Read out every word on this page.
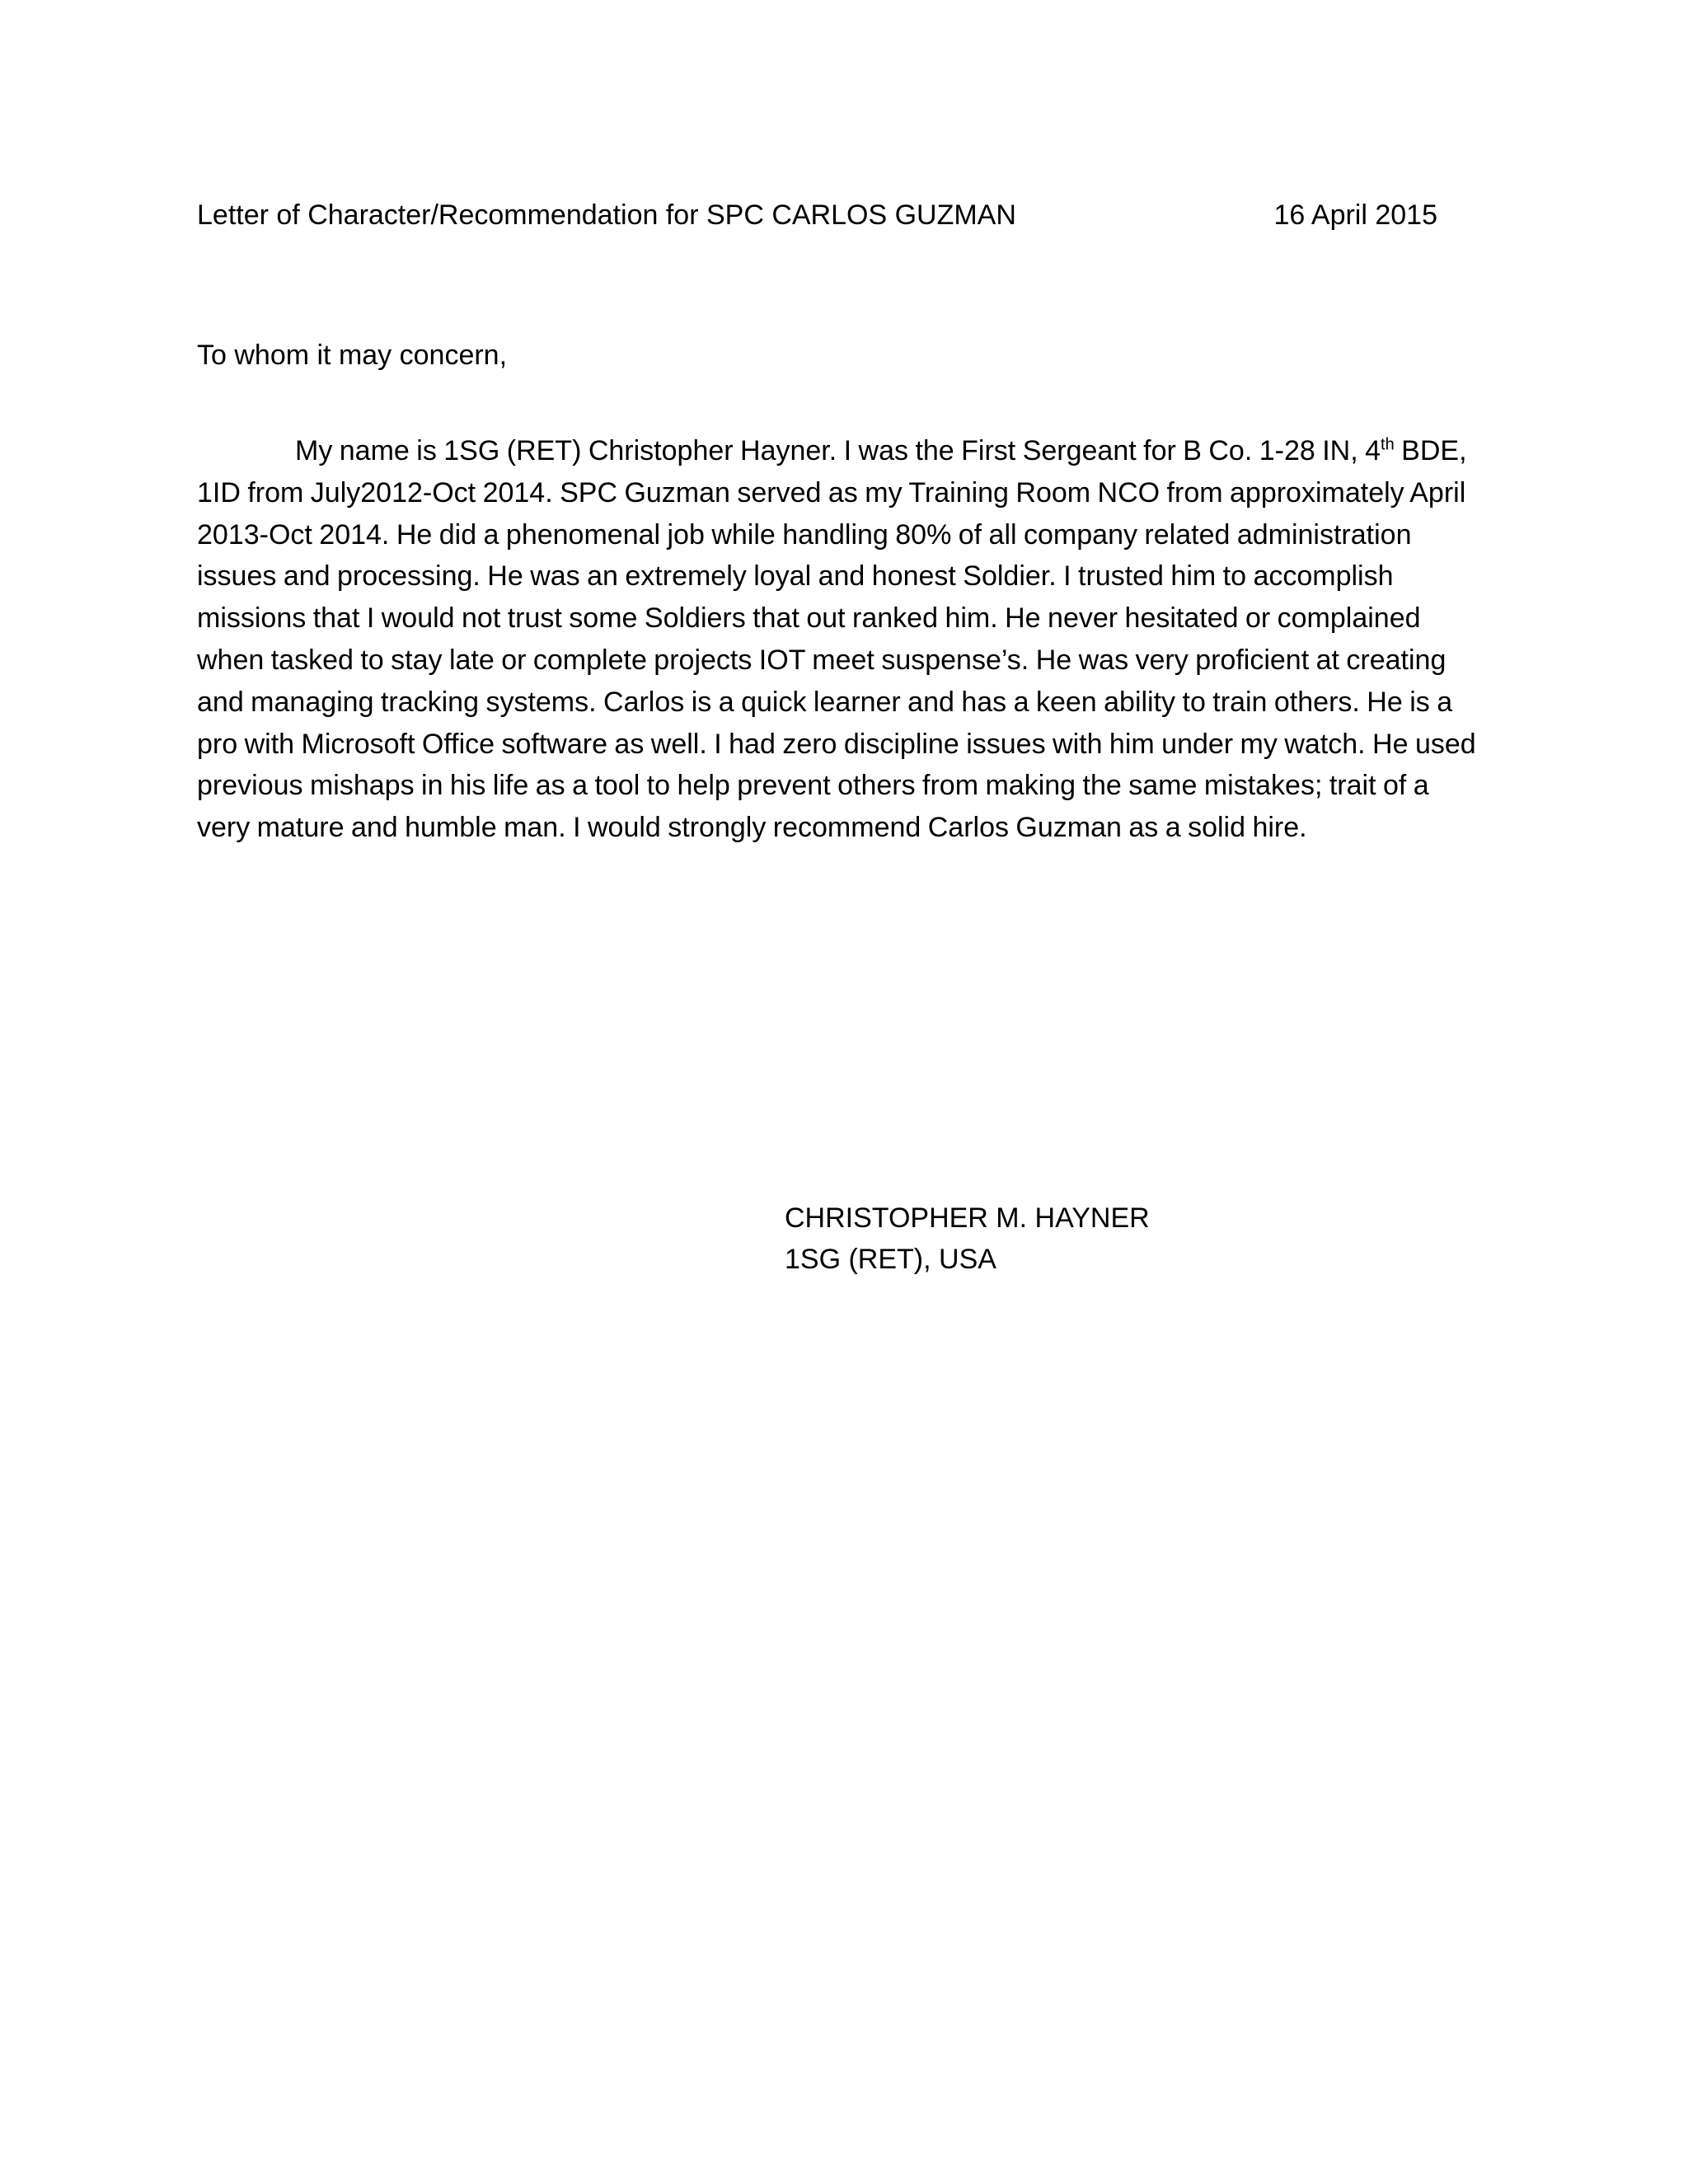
Letter of Character/Recommendation for SPC CARLOS GUZMAN	16 April 2015
To whom it may concern,

My name is 1SG (RET) Christopher Hayner. I was the First Sergeant for B Co. 1-28 IN, 4th BDE, 1ID from July2012-Oct 2014. SPC Guzman served as my Training Room NCO from approximately April 2013-Oct 2014. He did a phenomenal job while handling 80% of all company related administration issues and processing. He was an extremely loyal and honest Soldier. I trusted him to accomplish missions that I would not trust some Soldiers that out ranked him. He never hesitated or complained when tasked to stay late or complete projects IOT meet suspense’s. He was very proficient at creating and managing tracking systems. Carlos is a quick learner and has a keen ability to train others. He is a pro with Microsoft Office software as well. I had zero discipline issues with him under my watch. He used previous mishaps in his life as a tool to help prevent others from making the same mistakes; trait of a very mature and humble man. I would strongly recommend Carlos Guzman as a solid hire.

CHRISTOPHER M. HAYNER
1SG (RET), USA
